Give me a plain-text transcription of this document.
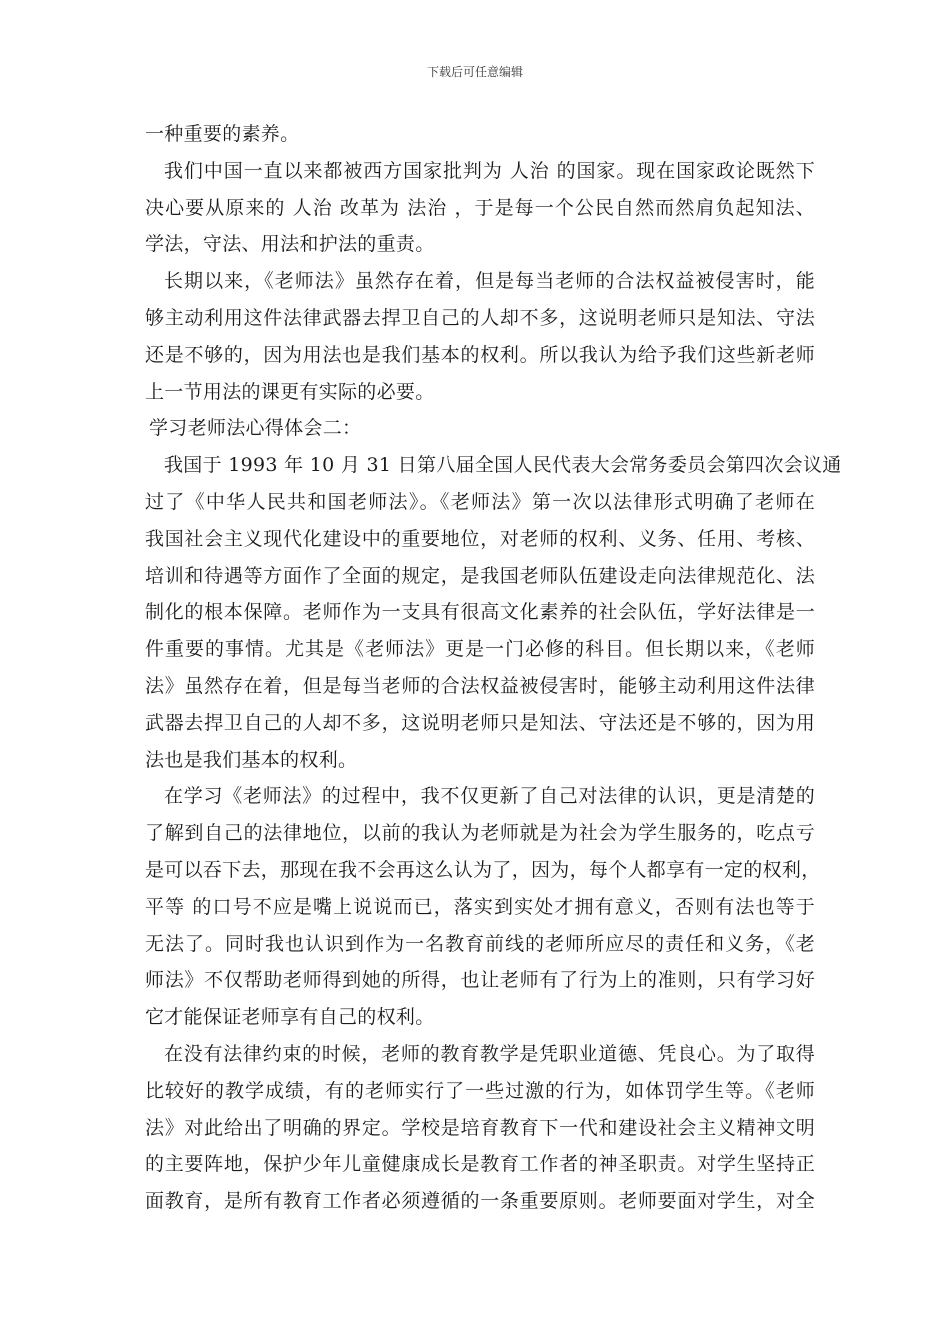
下载后可任意编辑
一种重要的素养。
我们中国一直以来都被西方国家批判为 人治 的国家。现在国家政论既然下
决心要从原来的 人治 改革为 法治 ，于是每一个公民自然而然肩负起知法、
学法，守法、用法和护法的重责。
长期以来，《老师法》虽然存在着，但是每当老师的合法权益被侵害时，能
够主动利用这件法律武器去捍卫自己的人却不多，这说明老师只是知法、守法
还是不够的，因为用法也是我们基本的权利。所以我认为给予我们这些新老师
上一节用法的课更有实际的必要。
学习老师法心得体会二：
我国于 1993 年 10 月 31 日第八届全国人民代表大会常务委员会第四次会议通
过了《中华人民共和国老师法》。《老师法》第一次以法律形式明确了老师在
我国社会主义现代化建设中的重要地位，对老师的权利、义务、任用、考核、
培训和待遇等方面作了全面的规定，是我国老师队伍建设走向法律规范化、法
制化的根本保障。老师作为一支具有很高文化素养的社会队伍，学好法律是一
件重要的事情。尤其是《老师法》更是一门必修的科目。但长期以来，《老师
法》虽然存在着，但是每当老师的合法权益被侵害时，能够主动利用这件法律
武器去捍卫自己的人却不多，这说明老师只是知法、守法还是不够的，因为用
法也是我们基本的权利。
在学习《老师法》的过程中，我不仅更新了自己对法律的认识，更是清楚的
了解到自己的法律地位，以前的我认为老师就是为社会为学生服务的，吃点亏
是可以吞下去，那现在我不会再这么认为了，因为，每个人都享有一定的权利，
平等 的口号不应是嘴上说说而已，落实到实处才拥有意义，否则有法也等于
无法了。同时我也认识到作为一名教育前线的老师所应尽的责任和义务，《老
师法》不仅帮助老师得到她的所得，也让老师有了行为上的准则，只有学习好
它才能保证老师享有自己的权利。
在没有法律约束的时候，老师的教育教学是凭职业道德、凭良心。为了取得
比较好的教学成绩，有的老师实行了一些过激的行为，如体罚学生等。《老师
法》对此给出了明确的界定。学校是培育教育下一代和建设社会主义精神文明
的主要阵地，保护少年儿童健康成长是教育工作者的神圣职责。对学生坚持正
面教育，是所有教育工作者必须遵循的一条重要原则。老师要面对学生，对全
